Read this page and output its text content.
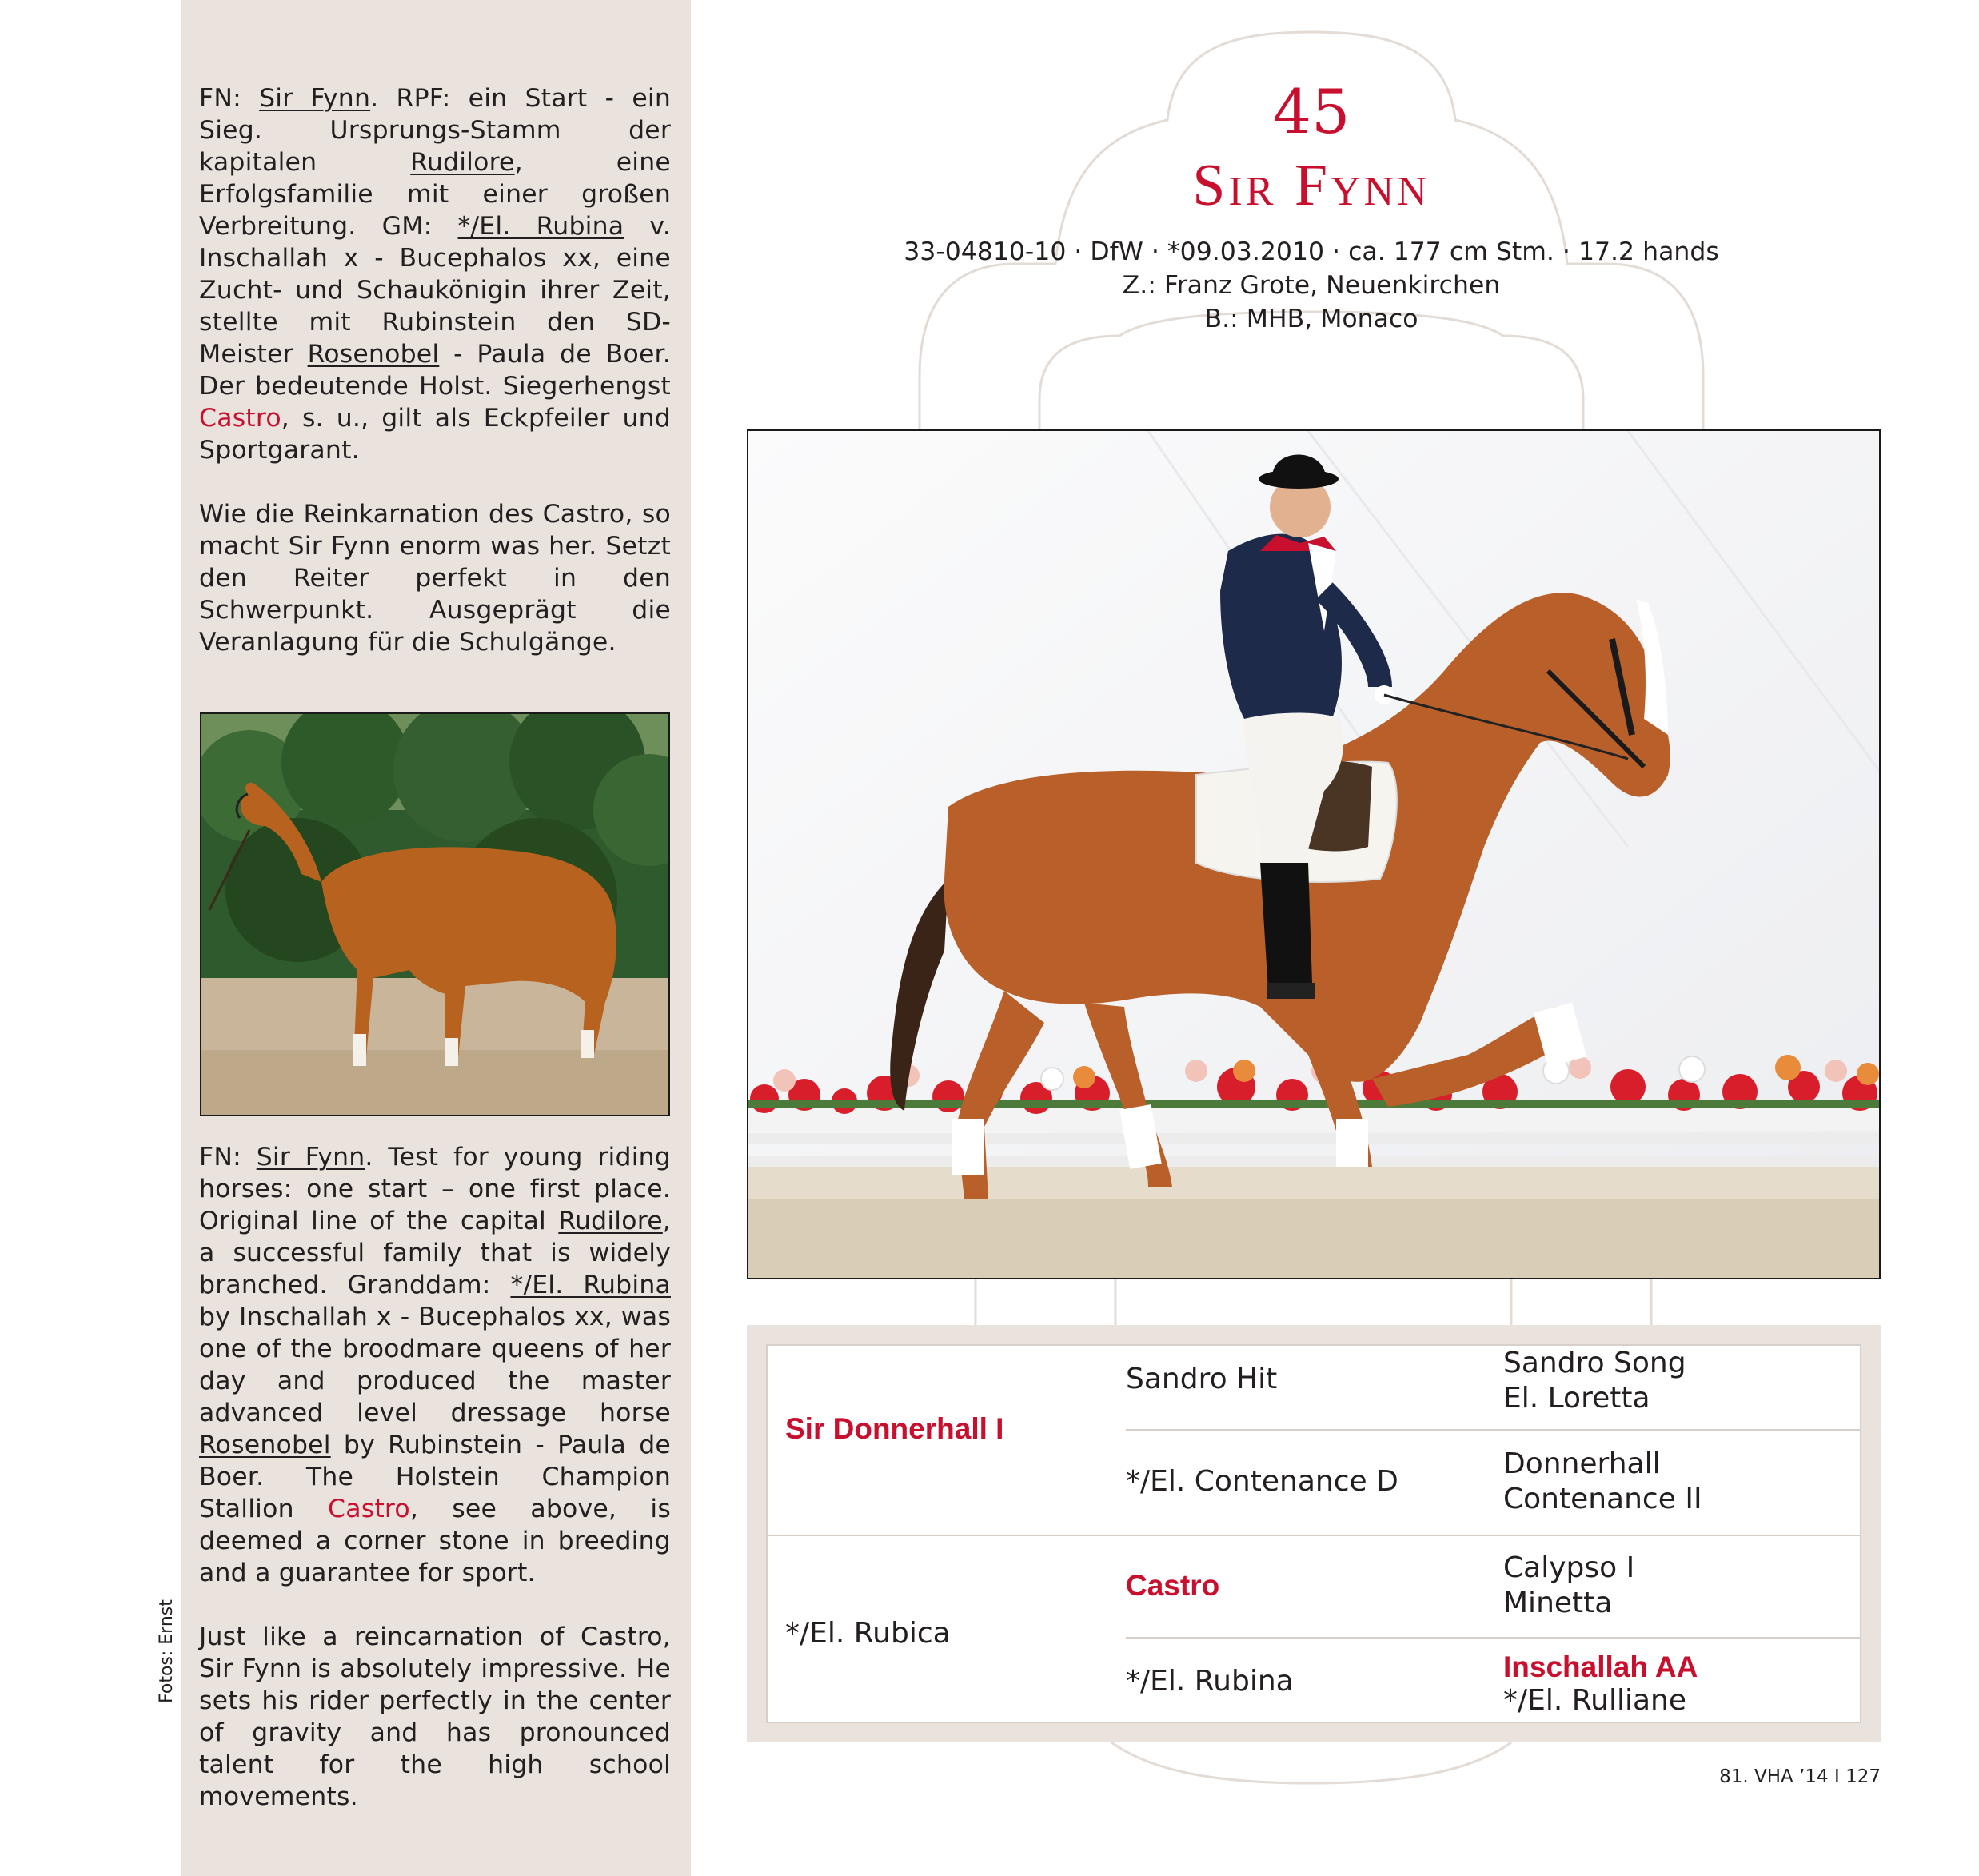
FN: Sir Fynn. RPF: ein Start - ein Sieg. Ursprungs-Stamm der kapitalen Rudilore, eine Erfolgsfamilie mit einer großen Verbreitung. GM: */El. Rubina v. Inschallah x - Bucephalos xx, eine Zucht- und Schaukönigin ihrer Zeit, stellte mit Rubinstein den SD-Meister Rosenobel - Paula de Boer. Der bedeutende Holst. Siegerhengst Castro, s. u., gilt als Eckpfeiler und Sportgarant.

Wie die Reinkarnation des Castro, so macht Sir Fynn enorm was her. Setzt den Reiter perfekt in den Schwerpunkt. Ausgeprägt die Veranlagung für die Schulgänge.

FN: Sir Fynn. Test for young riding horses: one start – one first place. Original line of the capital Rudilore, a successful family that is widely branched. Granddam: */El. Rubina by Inschallah x - Bucephalos xx, was one of the broodmare queens of her day and produced the master advanced level dressage horse Rosenobel by Rubinstein - Paula de Boer. The Holstein Champion Stallion Castro, see above, is deemed a corner stone in breeding and a guarantee for sport.

Just like a reincarnation of Castro, Sir Fynn is absolutely impressive. He sets his rider perfectly in the center of gravity and has pronounced talent for the high school movements.

Fotos: Ernst
45
Sir Fynn
33-04810-10 · DfW · *09.03.2010 · ca. 177 cm Stm. · 17.2 hands
Z.: Franz Grote, Neuenkirchen
B.: MHB, Monaco
Sir Donnerhall I
*/El. Rubica
Sandro Hit
*/El. Contenance D
Castro
*/El. Rubina
Sandro Song
El. Loretta
Donnerhall
Contenance II
Calypso I
Minetta
Inschallah AA
*/El. Rulliane
81. VHA ’14 I 127
